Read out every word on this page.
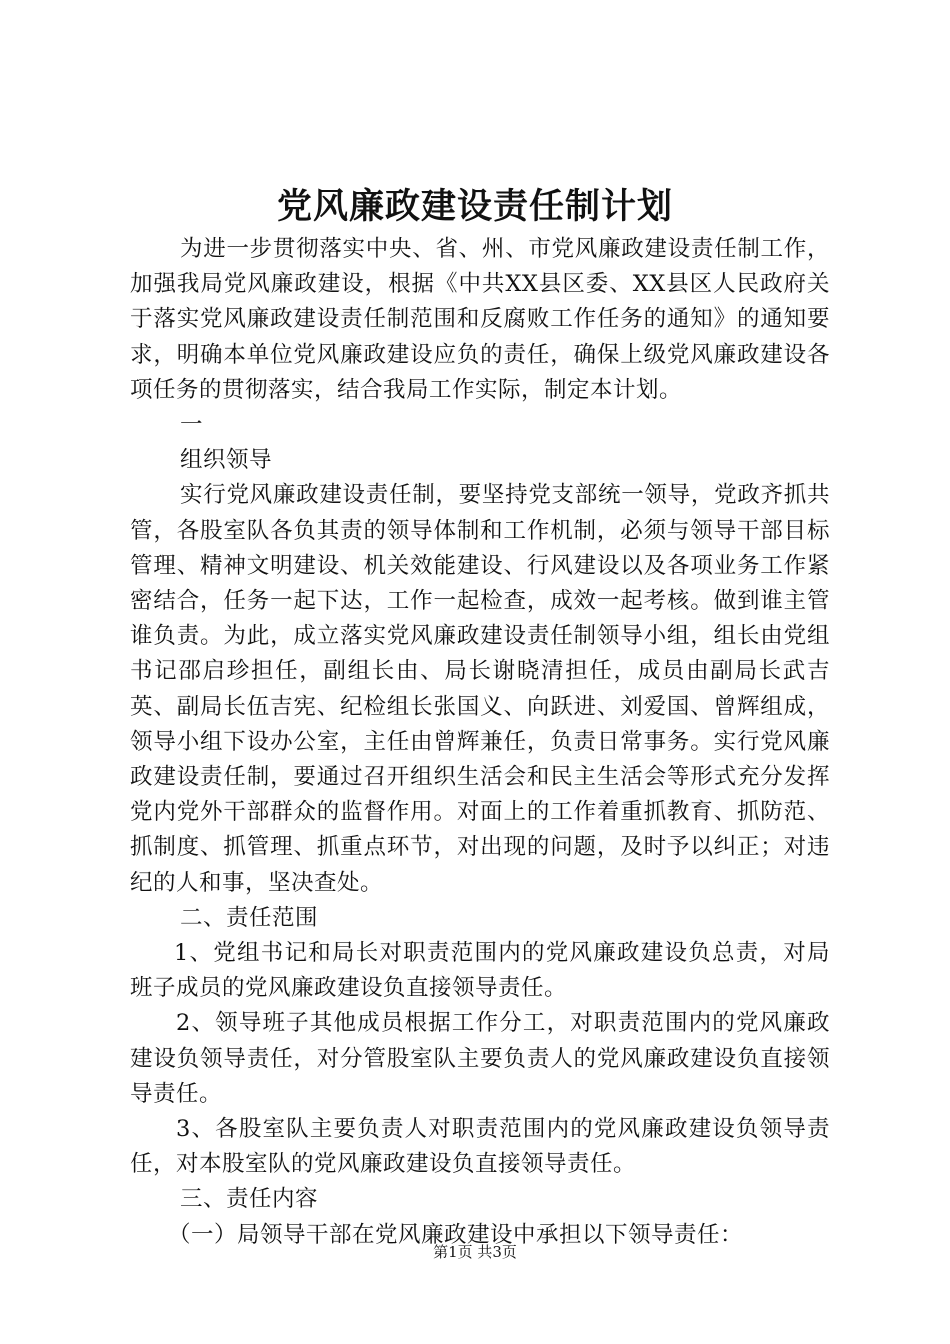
党风廉政建设责任制计划

为进一步贯彻落实中央、省、州、市党风廉政建设责任制工作，加强我局党风廉政建设，根据《中共XX县区委、XX县区人民政府关于落实党风廉政建设责任制范围和反腐败工作任务的通知》的通知要求，明确本单位党风廉政建设应负的责任，确保上级党风廉政建设各项任务的贯彻落实，结合我局工作实际，制定本计划。

一

组织领导

实行党风廉政建设责任制，要坚持党支部统一领导，党政齐抓共管，各股室队各负其责的领导体制和工作机制，必须与领导干部目标管理、精神文明建设、机关效能建设、行风建设以及各项业务工作紧密结合，任务一起下达，工作一起检查，成效一起考核。做到谁主管谁负责。为此，成立落实党风廉政建设责任制领导小组，组长由党组书记邵启珍担任，副组长由、局长谢晓清担任，成员由副局长武吉英、副局长伍吉宪、纪检组长张国义、向跃进、刘爱国、曾辉组成，领导小组下设办公室，主任由曾辉兼任，负责日常事务。实行党风廉政建设责任制，要通过召开组织生活会和民主生活会等形式充分发挥党内党外干部群众的监督作用。对面上的工作着重抓教育、抓防范、抓制度、抓管理、抓重点环节，对出现的问题，及时予以纠正；对违纪的人和事，坚决查处。

二、责任范围

1、党组书记和局长对职责范围内的党风廉政建设负总责，对局班子成员的党风廉政建设负直接领导责任。

2、领导班子其他成员根据工作分工，对职责范围内的党风廉政建设负领导责任，对分管股室队主要负责人的党风廉政建设负直接领导责任。

3、各股室队主要负责人对职责范围内的党风廉政建设负领导责任，对本股室队的党风廉政建设负直接领导责任。

三、责任内容

（一）局领导干部在党风廉政建设中承担以下领导责任：

第1页 共3页
